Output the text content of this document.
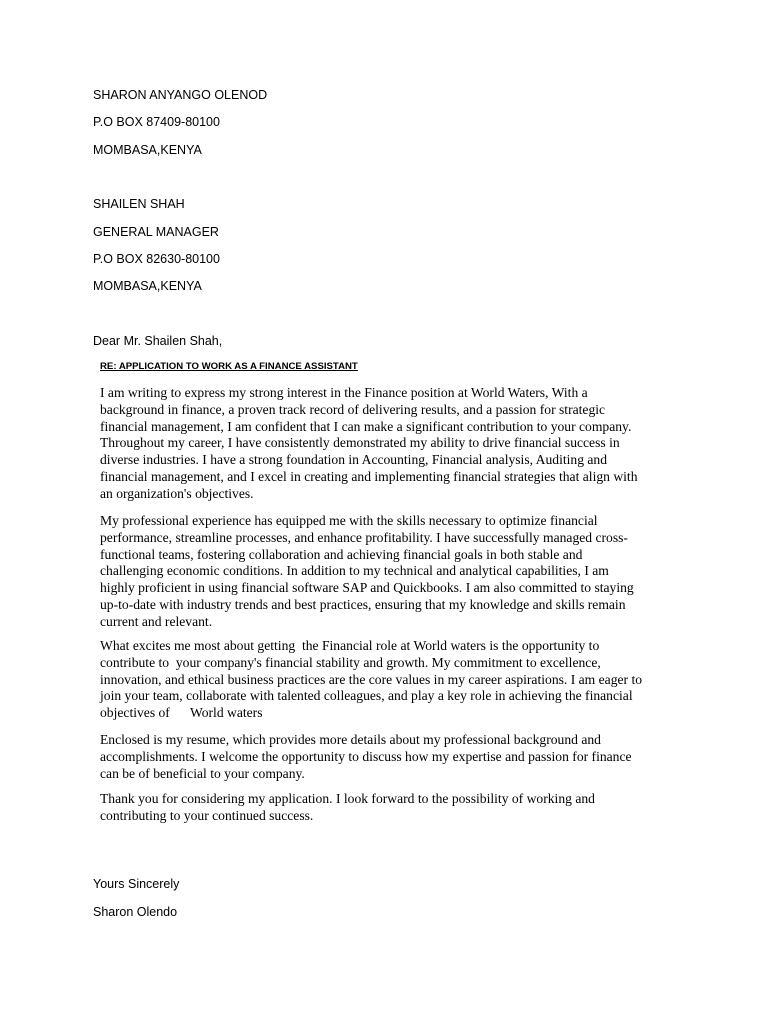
SHARON ANYANGO OLENOD
P.O BOX 87409-80100
MOMBASA,KENYA
SHAILEN SHAH
GENERAL MANAGER
P.O BOX 82630-80100
MOMBASA,KENYA
Dear Mr. Shailen Shah,
RE: APPLICATION TO WORK AS A FINANCE ASSISTANT
I am writing to express my strong interest in the Finance position at World Waters, With a
background in finance, a proven track record of delivering results, and a passion for strategic
financial management, I am confident that I can make a significant contribution to your company.
Throughout my career, I have consistently demonstrated my ability to drive financial success in
diverse industries. I have a strong foundation in Accounting, Financial analysis, Auditing and
financial management, and I excel in creating and implementing financial strategies that align with
an organization's objectives.
My professional experience has equipped me with the skills necessary to optimize financial
performance, streamline processes, and enhance profitability. I have successfully managed cross-
functional teams, fostering collaboration and achieving financial goals in both stable and
challenging economic conditions. In addition to my technical and analytical capabilities, I am
highly proficient in using financial software SAP and Quickbooks. I am also committed to staying
up-to-date with industry trends and best practices, ensuring that my knowledge and skills remain
current and relevant.
What excites me most about getting  the Financial role at World waters is the opportunity to
contribute to  your company's financial stability and growth. My commitment to excellence,
innovation, and ethical business practices are the core values in my career aspirations. I am eager to
join your team, collaborate with talented colleagues, and play a key role in achieving the financial
objectives of      World waters
Enclosed is my resume, which provides more details about my professional background and
accomplishments. I welcome the opportunity to discuss how my expertise and passion for finance
can be of beneficial to your company.
Thank you for considering my application. I look forward to the possibility of working and
contributing to your continued success.
Yours Sincerely
Sharon Olendo
